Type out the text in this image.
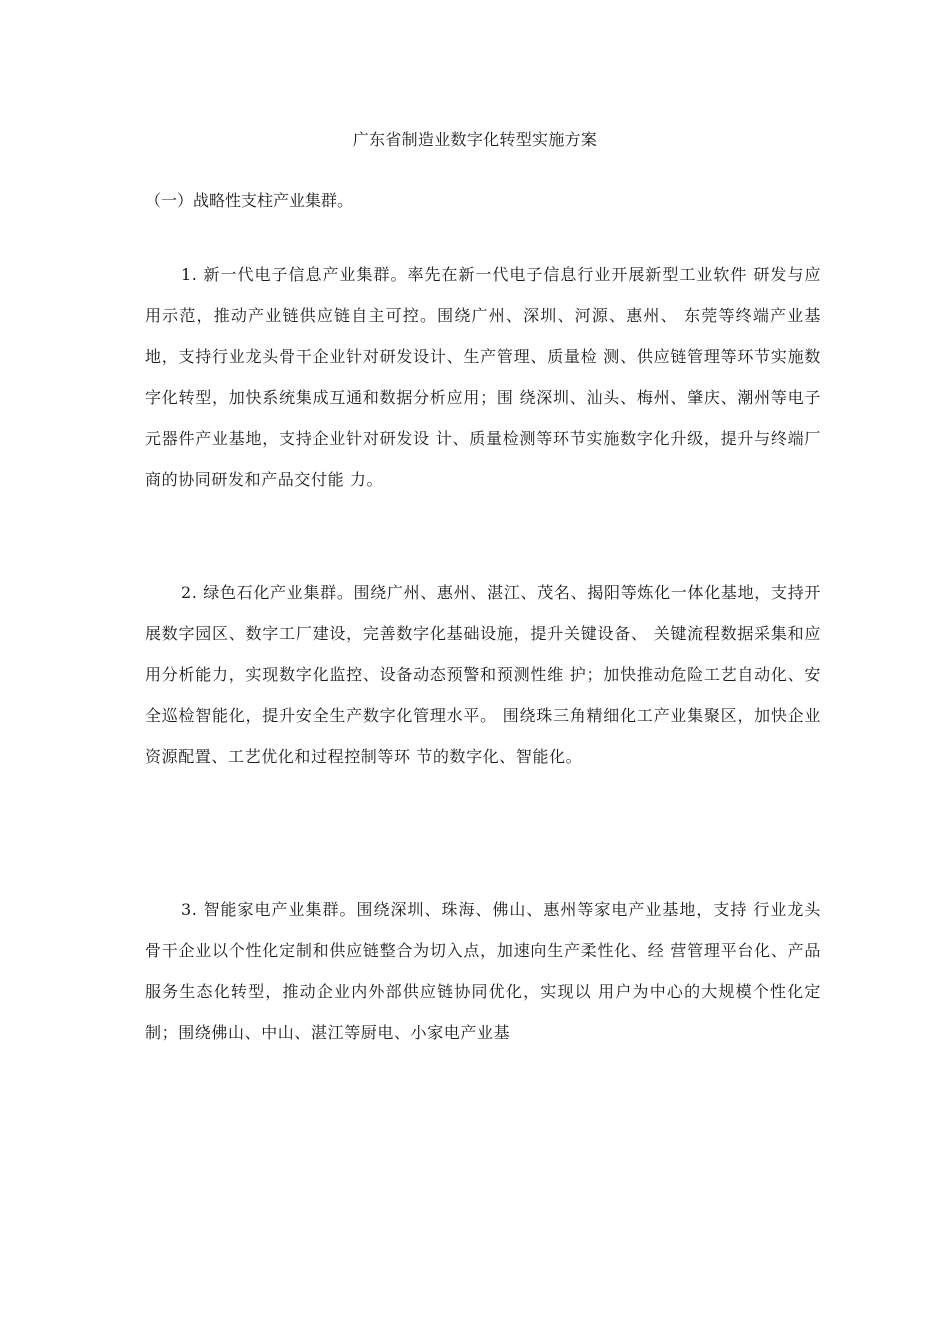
广东省制造业数字化转型实施方案
（一）战略性支柱产业集群。

1. 新一代电子信息产业集群。率先在新一代电子信息行业开展新型工业软件 研发与应用示范，推动产业链供应链自主可控。围绕广州、深圳、河源、惠州、 东莞等终端产业基地，支持行业龙头骨干企业针对研发设计、生产管理、质量检 测、供应链管理等环节实施数字化转型，加快系统集成互通和数据分析应用；围 绕深圳、汕头、梅州、肇庆、潮州等电子元器件产业基地，支持企业针对研发设 计、质量检测等环节实施数字化升级，提升与终端厂商的协同研发和产品交付能 力。

2. 绿色石化产业集群。围绕广州、惠州、湛江、茂名、揭阳等炼化一体化基地，支持开展数字园区、数字工厂建设，完善数字化基础设施，提升关键设备、 关键流程数据采集和应用分析能力，实现数字化监控、设备动态预警和预测性维 护；加快推动危险工艺自动化、安全巡检智能化，提升安全生产数字化管理水平。 围绕珠三角精细化工产业集聚区，加快企业资源配置、工艺优化和过程控制等环 节的数字化、智能化。

3. 智能家电产业集群。围绕深圳、珠海、佛山、惠州等家电产业基地，支持 行业龙头骨干企业以个性化定制和供应链整合为切入点，加速向生产柔性化、经 营管理平台化、产品服务生态化转型，推动企业内外部供应链协同优化，实现以 用户为中心的大规模个性化定制；围绕佛山、中山、湛江等厨电、小家电产业基
